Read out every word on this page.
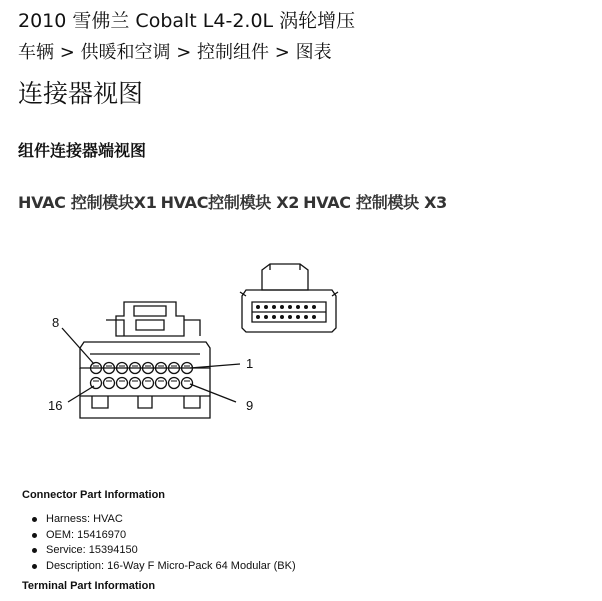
2010 雪佛兰 Cobalt L4-2.0L 涡轮增压
车辆 > 供暖和空调 > 控制组件 > 图表
连接器视图
组件连接器端视图
HVAC 控制模块X1 HVAC控制模块 X2 HVAC 控制模块 X3
8
1
16	9
Connector Part Information
Harness: HVAC
OEM: 15416970
Service: 15394150
Description: 16-Way F Micro-Pack 64 Modular (BK)
Terminal Part Information
